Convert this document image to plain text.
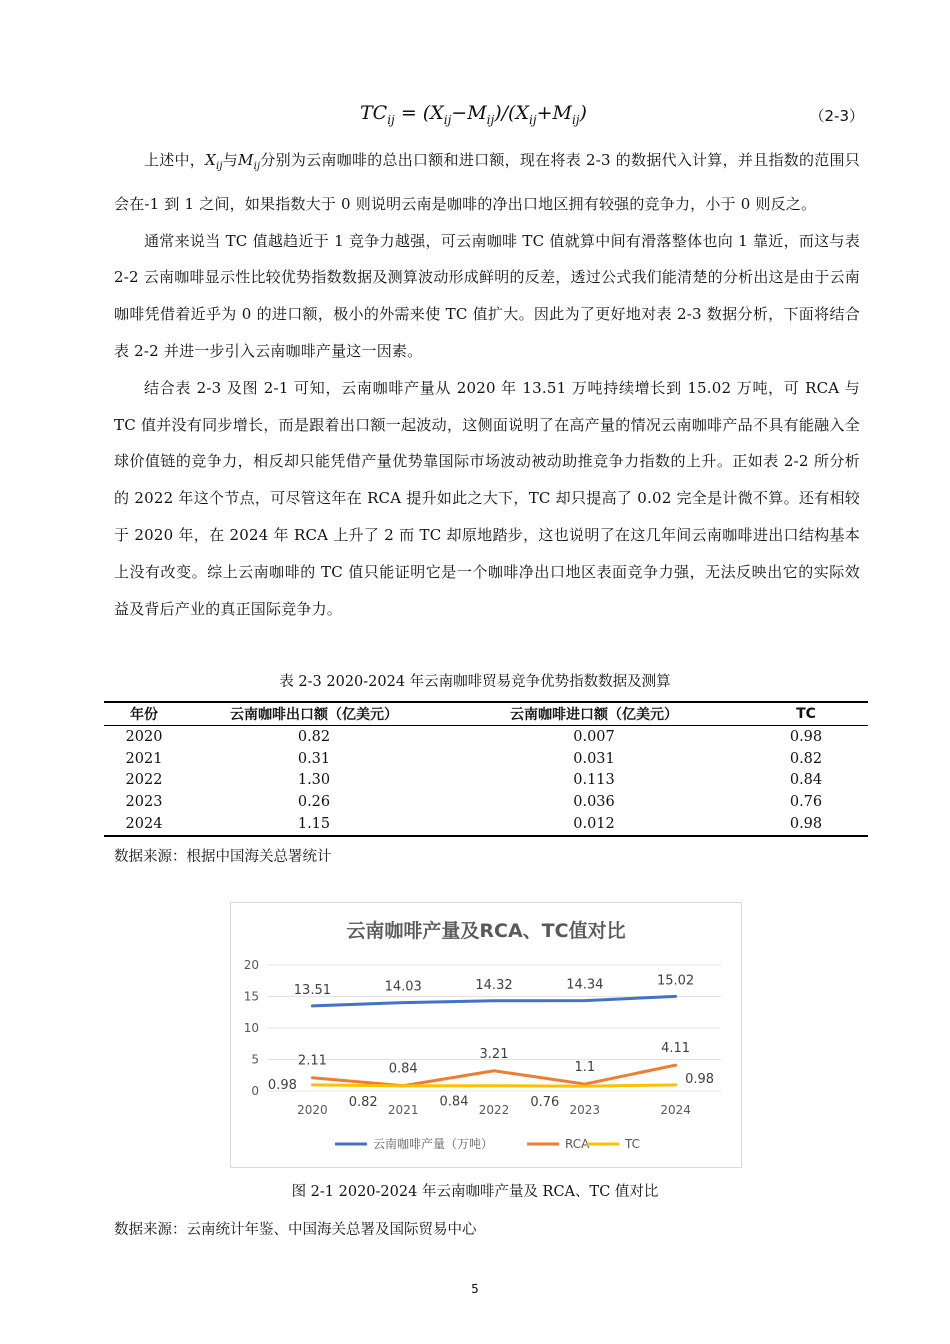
$TC_{ij} = (X_{ij}-M_{ij})/(X_{ij}+M_{ij})$	（2-3）

上述中，$X_{ij}$与$M_{ij}$分别为云南咖啡的总出口额和进口额，现在将表 2-3 的数据代入计算，并且指数的范围只会在-1 到 1 之间，如果指数大于 0 则说明云南是咖啡的净出口地区拥有较强的竞争力，小于 0 则反之。

通常来说当 TC 值越趋近于 1 竞争力越强，可云南咖啡 TC 值就算中间有滑落整体也向 1 靠近，而这与表 2-2 云南咖啡显示性比较优势指数数据及测算波动形成鲜明的反差，透过公式我们能清楚的分析出这是由于云南咖啡凭借着近乎为 0 的进口额，极小的外需来使 TC 值扩大。因此为了更好地对表 2-3 数据分析，下面将结合表 2-2 并进一步引入云南咖啡产量这一因素。

结合表 2-3 及图 2-1 可知，云南咖啡产量从 2020 年 13.51 万吨持续增长到 15.02 万吨，可 RCA 与 TC 值并没有同步增长，而是跟着出口额一起波动，这侧面说明了在高产量的情况云南咖啡产品不具有能融入全球价值链的竞争力，相反却只能凭借产量优势靠国际市场波动被动助推竞争力指数的上升。正如表 2-2 所分析的 2022 年这个节点，可尽管这年在 RCA 提升如此之大下，TC 却只提高了 0.02 完全是计微不算。还有相较于 2020 年，在 2024 年 RCA 上升了 2 而 TC 却原地踏步，这也说明了在这几年间云南咖啡进出口结构基本上没有改变。综上云南咖啡的 TC 值只能证明它是一个咖啡净出口地区表面竞争力强，无法反映出它的实际效益及背后产业的真正国际竞争力。

表 2-3 2020-2024 年云南咖啡贸易竞争优势指数数据及测算
年份	云南咖啡出口额（亿美元）	云南咖啡进口额（亿美元）	TC
2020	0.82	0.007	0.98
2021	0.31	0.031	0.82
2022	1.30	0.113	0.84
2023	0.26	0.036	0.76
2024	1.15	0.012	0.98
数据来源：根据中国海关总署统计
云南咖啡产量及RCA、TC值对比
0
5
10
15
20
2020	2021	2022	2023	2024
13.51	14.03	14.32	14.34	15.02
2.11
0.84
3.21
1.1
4.11
0.98
0.82	0.84	0.76
0.98
云南咖啡产量（万吨）	RCA	TC
图 2-1 2020-2024 年云南咖啡产量及 RCA、TC 值对比
数据来源：云南统计年鉴、中国海关总署及国际贸易中心
5
